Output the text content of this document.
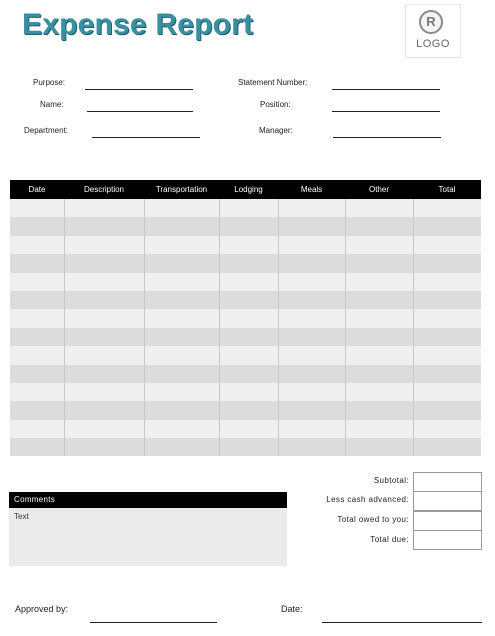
Expense Report	R
LOGO
Purpose:	Statement Number:
Name:	Position:
Department:	Manager:
Date	Description	Transportation	Lodging	Meals	Other	Total

Subtotal:
Less cash advanced:
Total owed to you:
Total due:
Comments
Text
Approved by:	Date:
